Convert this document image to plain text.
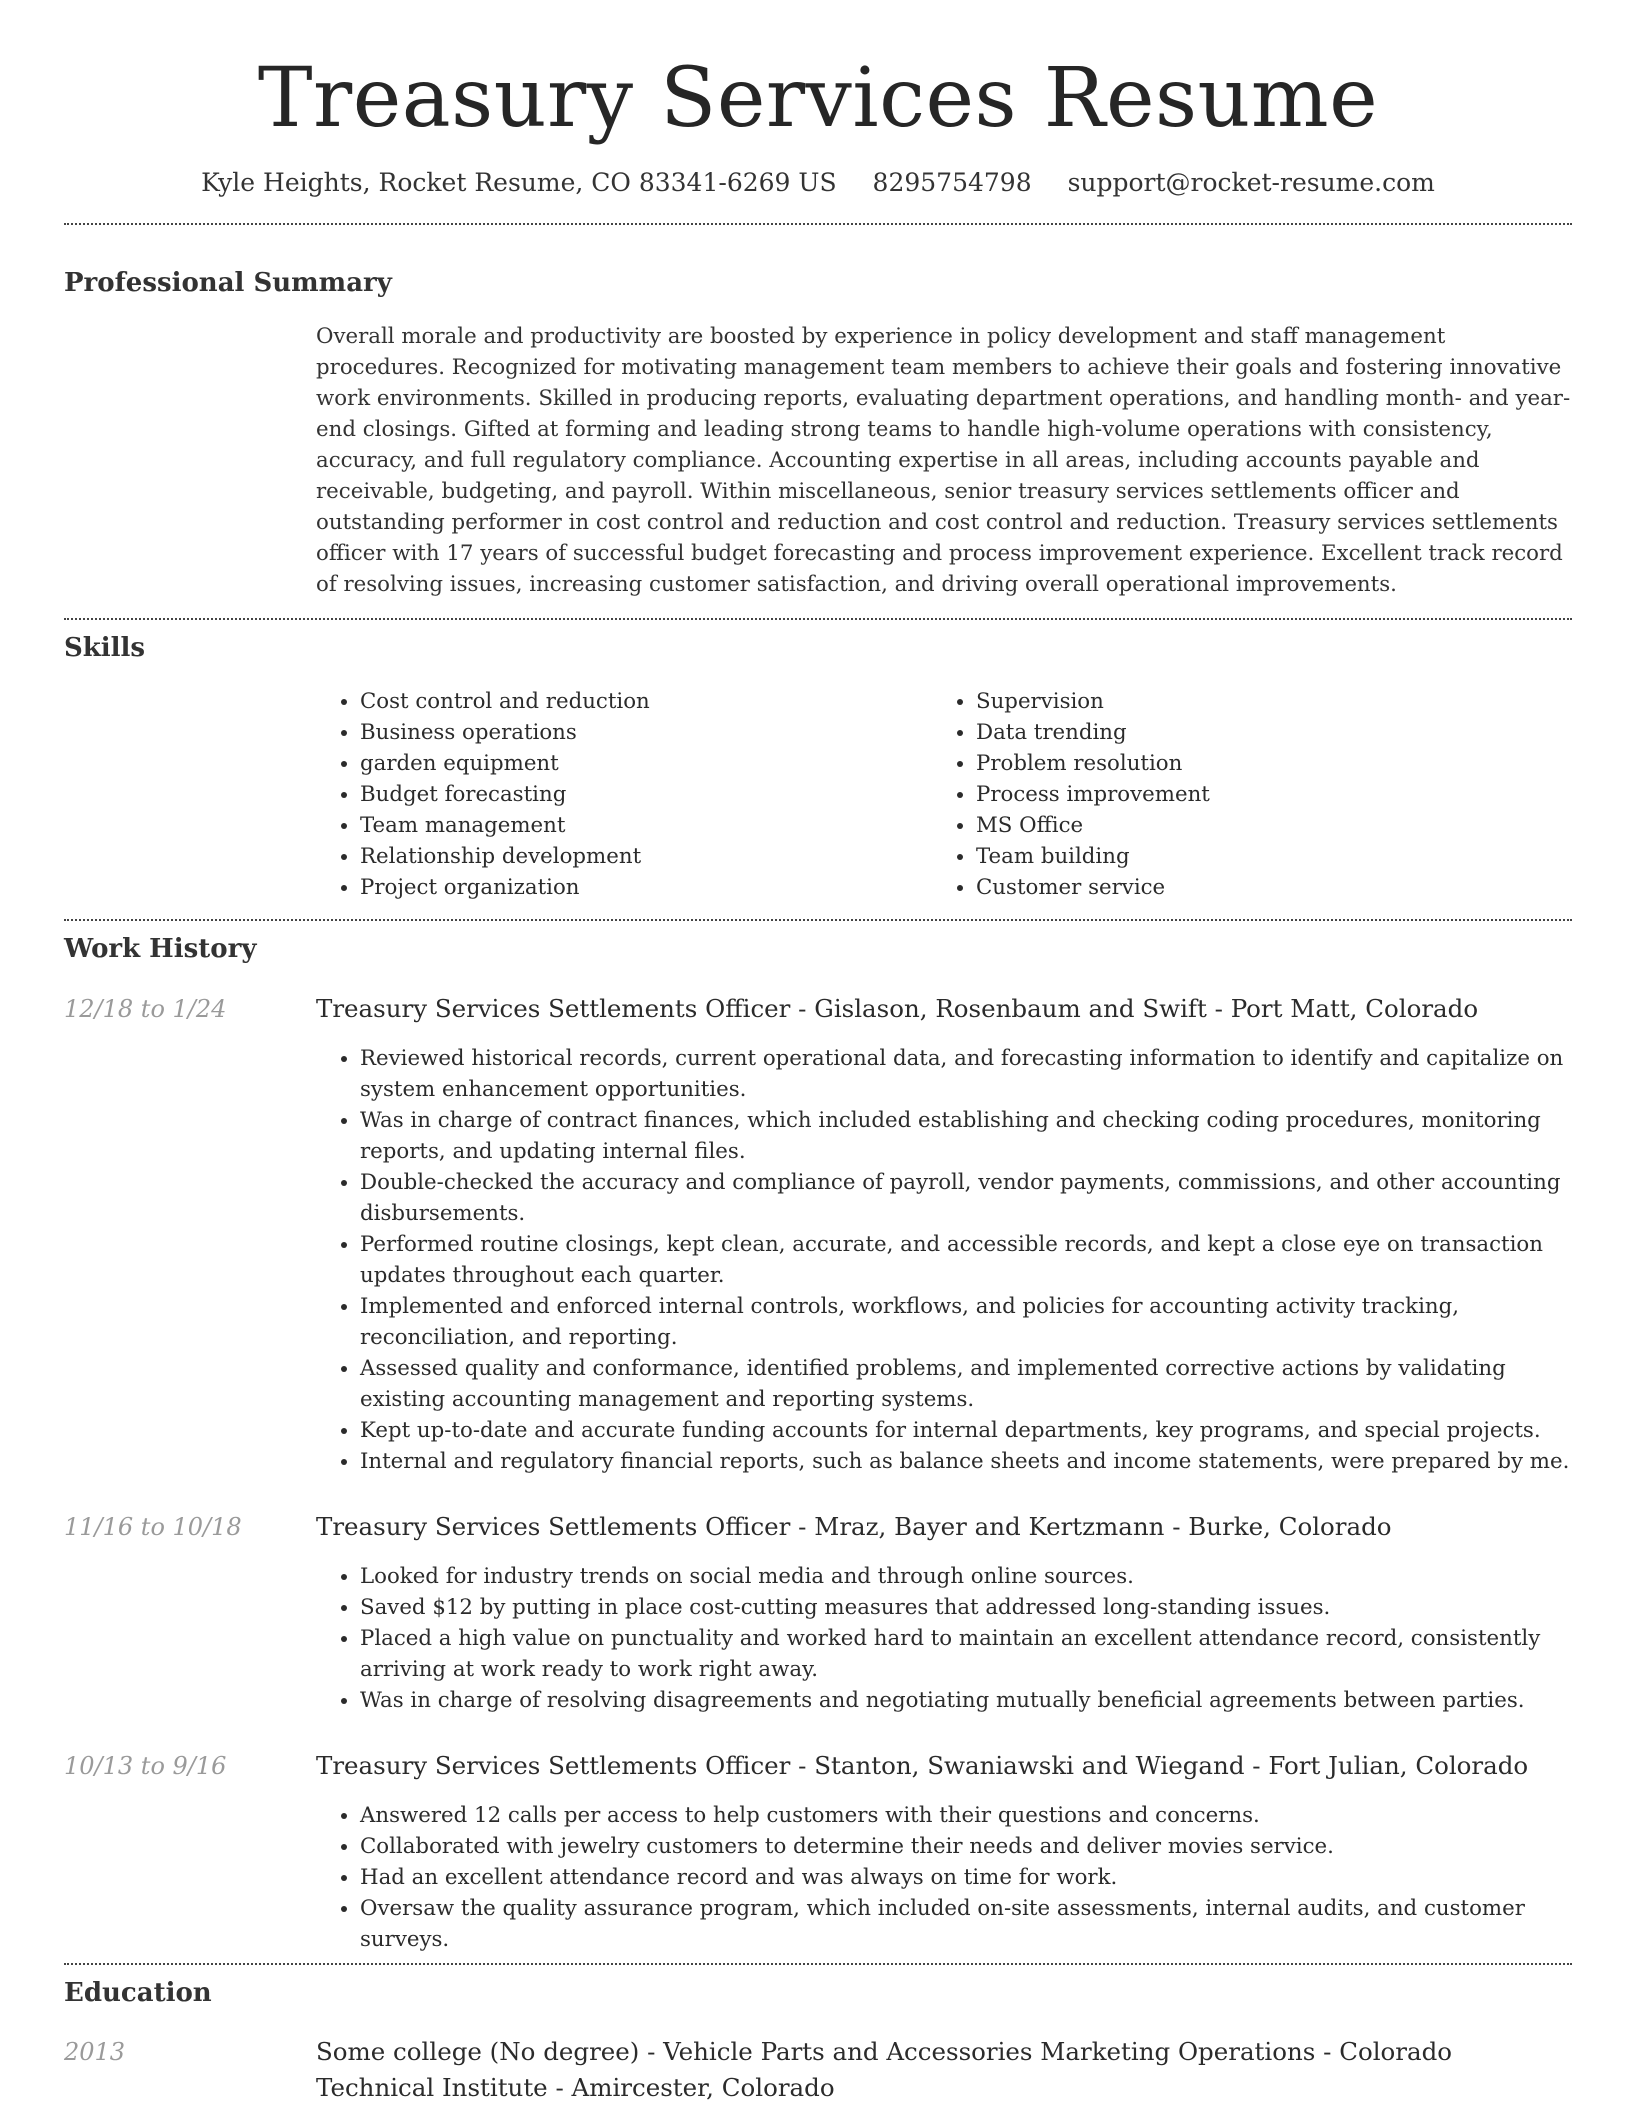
Treasury Services Resume
Kyle Heights, Rocket Resume, CO 83341-6269 US 8295754798 support@rocket-resume.com
Professional Summary
Overall morale and productivity are boosted by experience in policy development and staff management procedures. Recognized for motivating management team members to achieve their goals and fostering innovative work environments. Skilled in producing reports, evaluating department operations, and handling month- and year-end closings. Gifted at forming and leading strong teams to handle high-volume operations with consistency, accuracy, and full regulatory compliance. Accounting expertise in all areas, including accounts payable and receivable, budgeting, and payroll. Within miscellaneous, senior treasury services settlements officer and outstanding performer in cost control and reduction and cost control and reduction. Treasury services settlements officer with 17 years of successful budget forecasting and process improvement experience. Excellent track record of resolving issues, increasing customer satisfaction, and driving overall operational improvements.
Skills
• Cost control and reduction
• Business operations
• garden equipment
• Budget forecasting
• Team management
• Relationship development
• Project organization
• Supervision
• Data trending
• Problem resolution
• Process improvement
• MS Office
• Team building
• Customer service
Work History
12/18 to 1/24	Treasury Services Settlements Officer - Gislason, Rosenbaum and Swift - Port Matt, Colorado
• Reviewed historical records, current operational data, and forecasting information to identify and capitalize on system enhancement opportunities.
• Was in charge of contract finances, which included establishing and checking coding procedures, monitoring reports, and updating internal files.
• Double-checked the accuracy and compliance of payroll, vendor payments, commissions, and other accounting disbursements.
• Performed routine closings, kept clean, accurate, and accessible records, and kept a close eye on transaction updates throughout each quarter.
• Implemented and enforced internal controls, workflows, and policies for accounting activity tracking, reconciliation, and reporting.
• Assessed quality and conformance, identified problems, and implemented corrective actions by validating existing accounting management and reporting systems.
• Kept up-to-date and accurate funding accounts for internal departments, key programs, and special projects.
• Internal and regulatory financial reports, such as balance sheets and income statements, were prepared by me.
11/16 to 10/18	Treasury Services Settlements Officer - Mraz, Bayer and Kertzmann - Burke, Colorado
• Looked for industry trends on social media and through online sources.
• Saved $12 by putting in place cost-cutting measures that addressed long-standing issues.
• Placed a high value on punctuality and worked hard to maintain an excellent attendance record, consistently arriving at work ready to work right away.
• Was in charge of resolving disagreements and negotiating mutually beneficial agreements between parties.
10/13 to 9/16	Treasury Services Settlements Officer - Stanton, Swaniawski and Wiegand - Fort Julian, Colorado
• Answered 12 calls per access to help customers with their questions and concerns.
• Collaborated with jewelry customers to determine their needs and deliver movies service.
• Had an excellent attendance record and was always on time for work.
• Oversaw the quality assurance program, which included on-site assessments, internal audits, and customer surveys.
Education
2013	Some college (No degree) - Vehicle Parts and Accessories Marketing Operations - Colorado Technical Institute - Amircester, Colorado
